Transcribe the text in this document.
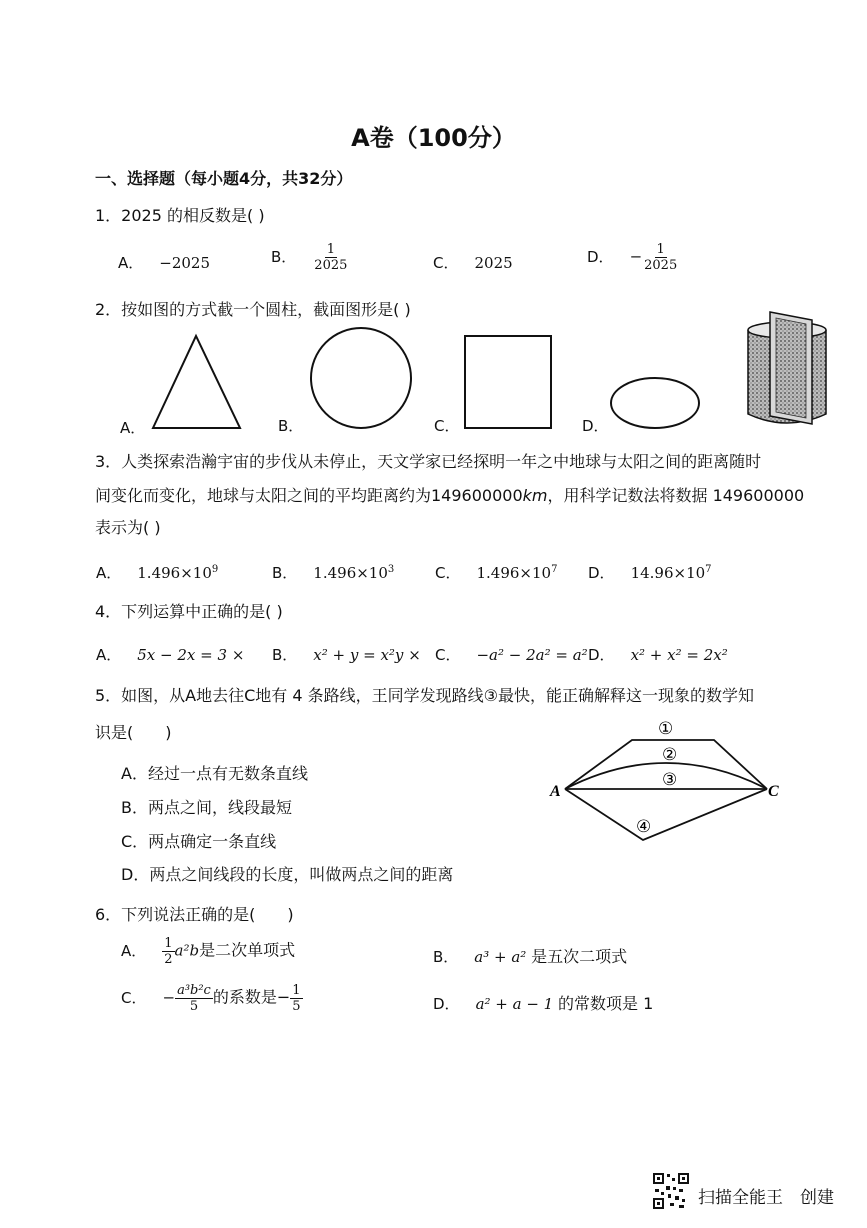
A卷（100分）
一、选择题（每小题4分，共32分）
1．2025 的相反数是( )
A． −2025	B． $\frac{1}{2025}$	C． 2025	D． − $\frac{1}{2025}$
2．按如图的方式截一个圆柱，截面图形是( )
A．	B．	C．	D．
3．人类探索浩瀚宇宙的步伐从未停止，天文学家已经探明一年之中地球与太阳之间的距离随时
间变化而变化，地球与太阳之间的平均距离约为149600000km，用科学记数法将数据 149600000
表示为( )
A． $1.496\times 10^9$	B． $1.496\times 10^3$	C． $1.496\times 10^7$ D． $14.96\times 10^7$
4．下列运算中正确的是( )
A． 5x − 2x = 3 × B． x² + y = x²y × C． −a² − 2a² = a² D． x² + x² = 2x²
5．如图，从A地去往C地有 4 条路线，王同学发现路线③最快，能正确解释这一现象的数学知
识是(　　)
A．经过一点有无数条直线
B．两点之间，线段最短
C．两点确定一条直线
D．两点之间线段的长度，叫做两点之间的距离
A	C
①
②
③
④
6．下列说法正确的是(　　)
A． $\frac{1}{2} a^2b$是二次单项式	B． a³ + a² 是五次二项式
C． − $\frac{\text{a³b²c}}{5}$ 的系数是− $\frac{1}{5}$	D． a² + a − 1 的常数项是 1
扫描全能王　创建
